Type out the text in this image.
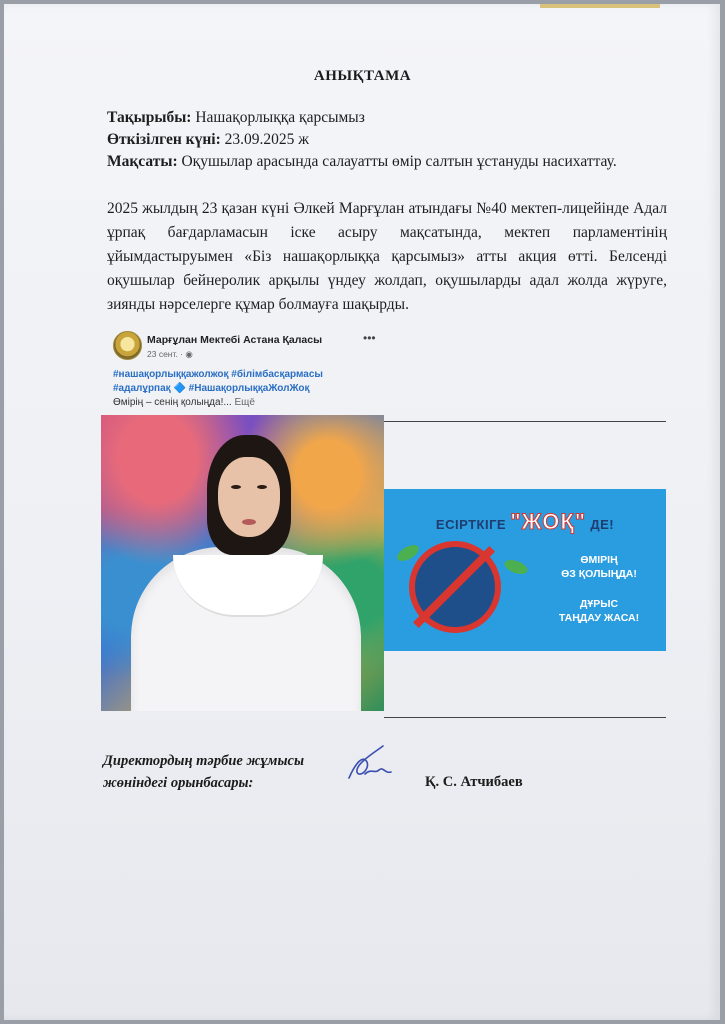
АНЫҚТАМА
Тақырыбы: Нашақорлыққа қарсымыз
Өткізілген күні: 23.09.2025 ж
Мақсаты: Оқушылар арасында салауатты өмір салтын ұстануды насихаттау.
2025 жылдың 23 қазан күні Әлкей Марғұлан атындағы №40 мектеп-лицейінде Адал ұрпақ бағдарламасын іске асыру мақсатында, мектеп парламентінің ұйымдастыруымен «Біз нашақорлыққа қарсымыз» атты акция өтті. Белсенді оқушылар бейнеролик арқылы үндеу жолдап, оқушыларды адал жолда жүруге, зиянды нәрселерге құмар болмауға шақырды.
Марғұлан Мектебі Астана Қаласы	•••
23 сент. · ◉
#нашақорлыққажолжоқ #білімбасқармасы
#адалұрпақ 🔷 #НашақорлыққаЖолЖоқ
Өмірің – сенің қолыңда!... Ещё
ЕСІРТКІГЕ "ЖОҚ" ДЕ!
ӨМІРІҢ
ӨЗ ҚОЛЫҢДА!
ДҰРЫС
ТАҢДАУ ЖАСА!
Директордың тәрбие жұмысы
жөніндегі орынбасары:	Қ. С. Атчибаев
